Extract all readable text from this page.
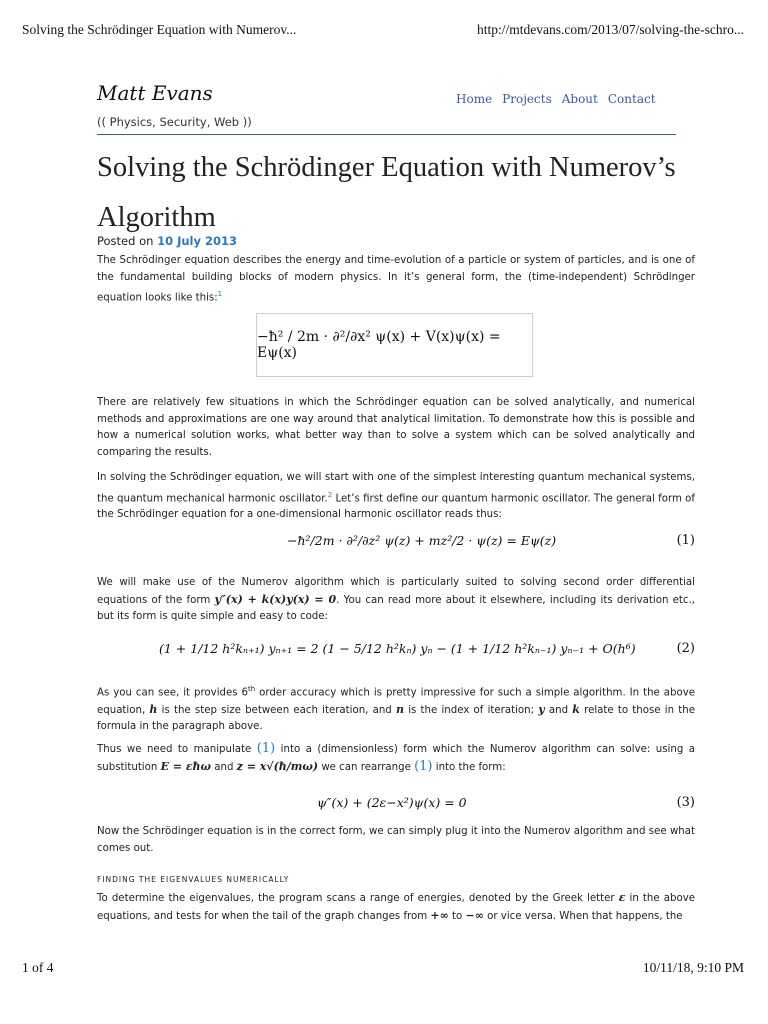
Solving the Schrödinger Equation with Numerov...	http://mtdevans.com/2013/07/solving-the-schro...
Matt Evans
(( Physics, Security, Web ))
Home Projects About Contact
Solving the Schrödinger Equation with Numerov’s Algorithm
Posted on 10 July 2013

The Schrödinger equation describes the energy and time-evolution of a particle or system of particles, and is one of the fundamental building blocks of modern physics. In it’s general form, the (time-independent) Schrödinger equation looks like this:$^1$

−ħ² / 2m · ∂²/∂x² ψ(x) + V(x)ψ(x) = Eψ(x)

There are relatively few situations in which the Schrödinger equation can be solved analytically, and numerical methods and approximations are one way around that analytical limitation. To demonstrate how this is possible and how a numerical solution works, what better way than to solve a system which can be solved analytically and comparing the results.

In solving the Schrödinger equation, we will start with one of the simplest interesting quantum mechanical systems, the quantum mechanical harmonic oscillator.$^2$ Let’s first define our quantum harmonic oscillator. The general form of the Schrödinger equation for a one-dimensional harmonic oscillator reads thus:

−ħ²/2m · ∂²/∂z² ψ(z) + mz²/2 · ψ(z) = Eψ(z)	(1)

We will make use of the Numerov algorithm which is particularly suited to solving second order differential equations of the form y″(x) + k(x)y(x) = 0. You can read more about it elsewhere, including its derivation etc., but its form is quite simple and easy to code:

(1 + 1/12 h²kₙ₊₁) yₙ₊₁ = 2 (1 − 5/12 h²kₙ) yₙ − (1 + 1/12 h²kₙ₋₁) yₙ₋₁ + O(h⁶)	(2)

As you can see, it provides 6th order accuracy which is pretty impressive for such a simple algorithm. In the above equation, h is the step size between each iteration, and n is the index of iteration; y and k relate to those in the formula in the paragraph above.

Thus we need to manipulate (1) into a (dimensionless) form which the Numerov algorithm can solve: using a substitution E = εħω and z = x√(ħ/mω) we can rearrange (1) into the form:

ψ″(x) + (2ε−x²)ψ(x) = 0	(3)

Now the Schrödinger equation is in the correct form, we can simply plug it into the Numerov algorithm and see what comes out.

FINDING THE EIGENVALUES NUMERICALLY

To determine the eigenvalues, the program scans a range of energies, denoted by the Greek letter ε in the above equations, and tests for when the tail of the graph changes from +∞ to −∞ or vice versa. When that happens, the

1 of 4	10/11/18, 9:10 PM
